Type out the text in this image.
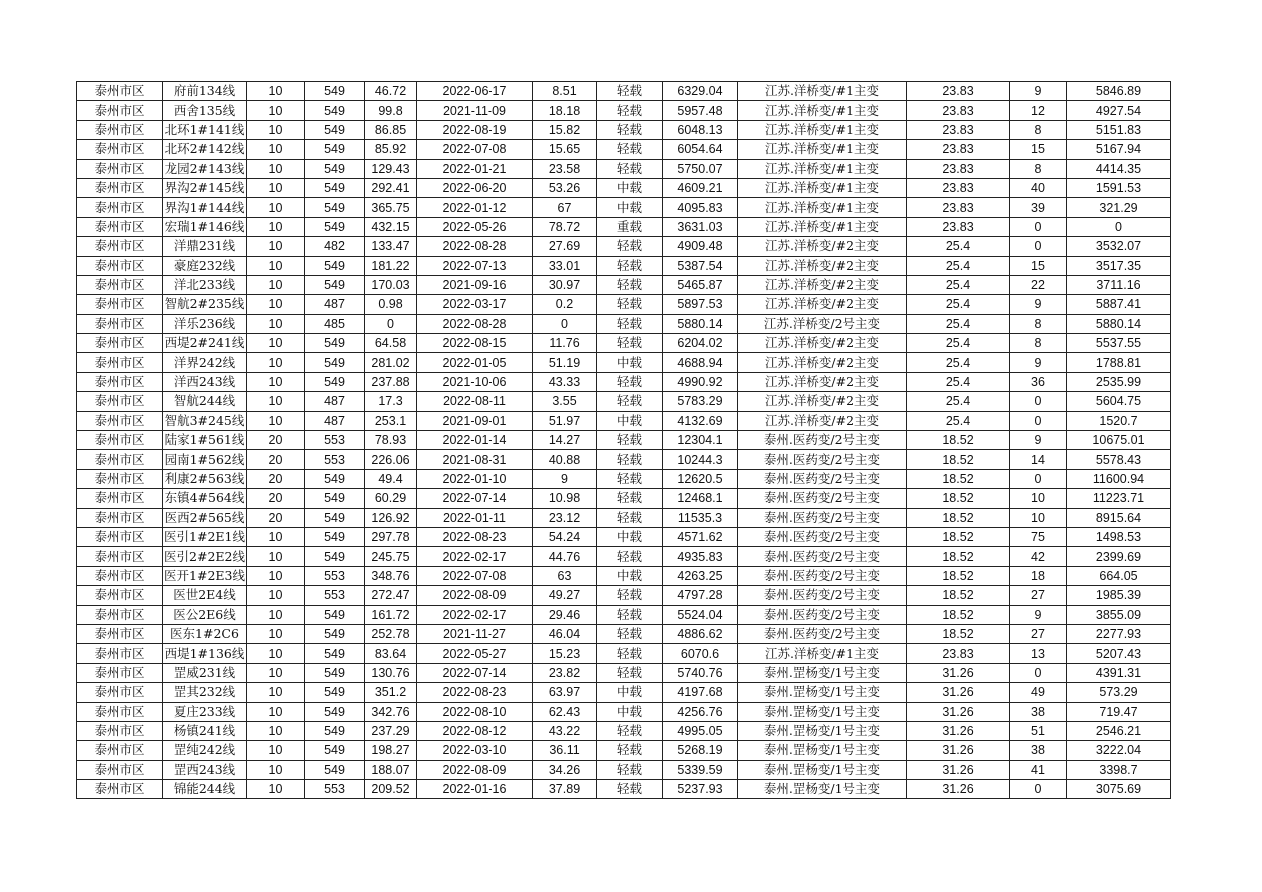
泰州市区	府前134线	10	549	46.72	2022-06-17	8.51	轻载	6329.04	江苏.洋桥变/#1主变	23.83	9	5846.89
泰州市区	西舍135线	10	549	99.8	2021-11-09	18.18	轻载	5957.48	江苏.洋桥变/#1主变	23.83	12	4927.54
泰州市区	北环1#141线	10	549	86.85	2022-08-19	15.82	轻载	6048.13	江苏.洋桥变/#1主变	23.83	8	5151.83
泰州市区	北环2#142线	10	549	85.92	2022-07-08	15.65	轻载	6054.64	江苏.洋桥变/#1主变	23.83	15	5167.94
泰州市区	龙园2#143线	10	549	129.43	2022-01-21	23.58	轻载	5750.07	江苏.洋桥变/#1主变	23.83	8	4414.35
泰州市区	界沟2#145线	10	549	292.41	2022-06-20	53.26	中载	4609.21	江苏.洋桥变/#1主变	23.83	40	1591.53
泰州市区	界沟1#144线	10	549	365.75	2022-01-12	67	中载	4095.83	江苏.洋桥变/#1主变	23.83	39	321.29
泰州市区	宏瑞1#146线	10	549	432.15	2022-05-26	78.72	重载	3631.03	江苏.洋桥变/#1主变	23.83	0	0
泰州市区	洋鼎231线	10	482	133.47	2022-08-28	27.69	轻载	4909.48	江苏.洋桥变/#2主变	25.4	0	3532.07
泰州市区	豪庭232线	10	549	181.22	2022-07-13	33.01	轻载	5387.54	江苏.洋桥变/#2主变	25.4	15	3517.35
泰州市区	洋北233线	10	549	170.03	2021-09-16	30.97	轻载	5465.87	江苏.洋桥变/#2主变	25.4	22	3711.16
泰州市区	智航2#235线	10	487	0.98	2022-03-17	0.2	轻载	5897.53	江苏.洋桥变/#2主变	25.4	9	5887.41
泰州市区	洋乐236线	10	485	0	2022-08-28	0	轻载	5880.14	江苏.洋桥变/2号主变	25.4	8	5880.14
泰州市区	西堤2#241线	10	549	64.58	2022-08-15	11.76	轻载	6204.02	江苏.洋桥变/#2主变	25.4	8	5537.55
泰州市区	洋界242线	10	549	281.02	2022-01-05	51.19	中载	4688.94	江苏.洋桥变/#2主变	25.4	9	1788.81
泰州市区	洋西243线	10	549	237.88	2021-10-06	43.33	轻载	4990.92	江苏.洋桥变/#2主变	25.4	36	2535.99
泰州市区	智航244线	10	487	17.3	2022-08-11	3.55	轻载	5783.29	江苏.洋桥变/#2主变	25.4	0	5604.75
泰州市区	智航3#245线	10	487	253.1	2021-09-01	51.97	中载	4132.69	江苏.洋桥变/#2主变	25.4	0	1520.7
泰州市区	陆家1#561线	20	553	78.93	2022-01-14	14.27	轻载	12304.1	泰州.医药变/2号主变	18.52	9	10675.01
泰州市区	园南1#562线	20	553	226.06	2021-08-31	40.88	轻载	10244.3	泰州.医药变/2号主变	18.52	14	5578.43
泰州市区	利康2#563线	20	549	49.4	2022-01-10	9	轻载	12620.5	泰州.医药变/2号主变	18.52	0	11600.94
泰州市区	东镇4#564线	20	549	60.29	2022-07-14	10.98	轻载	12468.1	泰州.医药变/2号主变	18.52	10	11223.71
泰州市区	医西2#565线	20	549	126.92	2022-01-11	23.12	轻载	11535.3	泰州.医药变/2号主变	18.52	10	8915.64
泰州市区	医引1#2E1线	10	549	297.78	2022-08-23	54.24	中载	4571.62	泰州.医药变/2号主变	18.52	75	1498.53
泰州市区	医引2#2E2线	10	549	245.75	2022-02-17	44.76	轻载	4935.83	泰州.医药变/2号主变	18.52	42	2399.69
泰州市区	医开1#2E3线	10	553	348.76	2022-07-08	63	中载	4263.25	泰州.医药变/2号主变	18.52	18	664.05
泰州市区	医世2E4线	10	553	272.47	2022-08-09	49.27	轻载	4797.28	泰州.医药变/2号主变	18.52	27	1985.39
泰州市区	医公2E6线	10	549	161.72	2022-02-17	29.46	轻载	5524.04	泰州.医药变/2号主变	18.52	9	3855.09
泰州市区	医东1#2C6	10	549	252.78	2021-11-27	46.04	轻载	4886.62	泰州.医药变/2号主变	18.52	27	2277.93
泰州市区	西堤1#136线	10	549	83.64	2022-05-27	15.23	轻载	6070.6	江苏.洋桥变/#1主变	23.83	13	5207.43
泰州市区	罡威231线	10	549	130.76	2022-07-14	23.82	轻载	5740.76	泰州.罡杨变/1号主变	31.26	0	4391.31
泰州市区	罡其232线	10	549	351.2	2022-08-23	63.97	中载	4197.68	泰州.罡杨变/1号主变	31.26	49	573.29
泰州市区	夏庄233线	10	549	342.76	2022-08-10	62.43	中载	4256.76	泰州.罡杨变/1号主变	31.26	38	719.47
泰州市区	杨镇241线	10	549	237.29	2022-08-12	43.22	轻载	4995.05	泰州.罡杨变/1号主变	31.26	51	2546.21
泰州市区	罡纯242线	10	549	198.27	2022-03-10	36.11	轻载	5268.19	泰州.罡杨变/1号主变	31.26	38	3222.04
泰州市区	罡西243线	10	549	188.07	2022-08-09	34.26	轻载	5339.59	泰州.罡杨变/1号主变	31.26	41	3398.7
泰州市区	锦能244线	10	553	209.52	2022-01-16	37.89	轻载	5237.93	泰州.罡杨变/1号主变	31.26	0	3075.69
